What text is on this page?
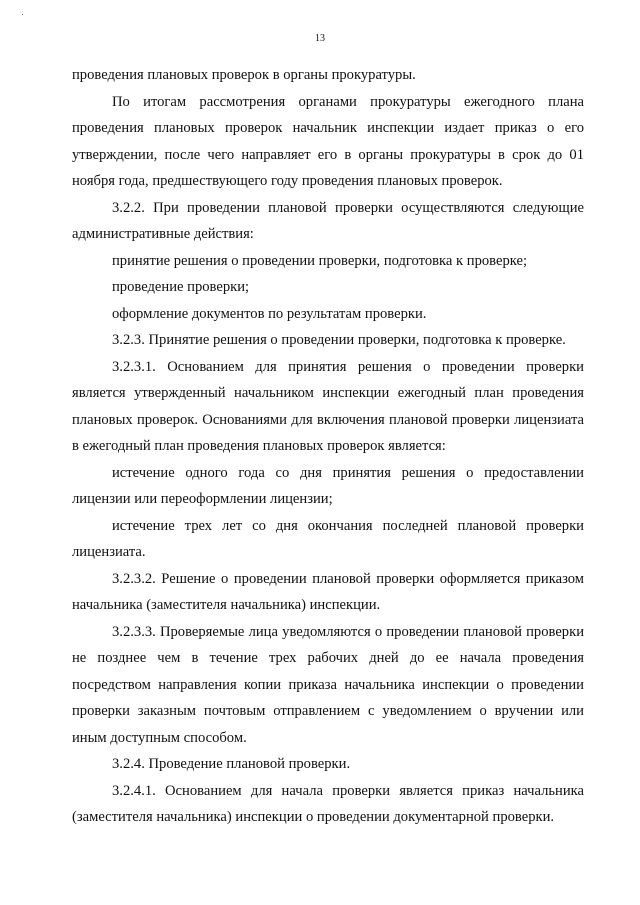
13

проведения плановых проверок в органы прокуратуры.

По итогам рассмотрения органами прокуратуры ежегодного плана проведения плановых проверок начальник инспекции издает приказ о его утверждении, после чего направляет его в органы прокуратуры в срок до 01 ноября года, предшествующего году проведения плановых проверок.

3.2.2. При проведении плановой проверки осуществляются следующие административные действия:

принятие решения о проведении проверки, подготовка к проверке;

проведение проверки;

оформление документов по результатам проверки.

3.2.3. Принятие решения о проведении проверки, подготовка к проверке.

3.2.3.1. Основанием для принятия решения о проведении проверки является утвержденный начальником инспекции ежегодный план проведения плановых проверок. Основаниями для включения плановой проверки лицензиата в ежегодный план проведения плановых проверок является:

истечение одного года со дня принятия решения о предоставлении лицензии или переоформлении лицензии;

истечение трех лет со дня окончания последней плановой проверки лицензиата.

3.2.3.2. Решение о проведении плановой проверки оформляется приказом начальника (заместителя начальника) инспекции.

3.2.3.3. Проверяемые лица уведомляются о проведении плановой проверки не позднее чем в течение трех рабочих дней до ее начала проведения посредством направления копии приказа начальника инспекции о проведении проверки заказным почтовым отправлением с уведомлением о вручении или иным доступным способом.

3.2.4. Проведение плановой проверки.

3.2.4.1. Основанием для начала проверки является приказ начальника (заместителя начальника) инспекции о проведении документарной проверки.
